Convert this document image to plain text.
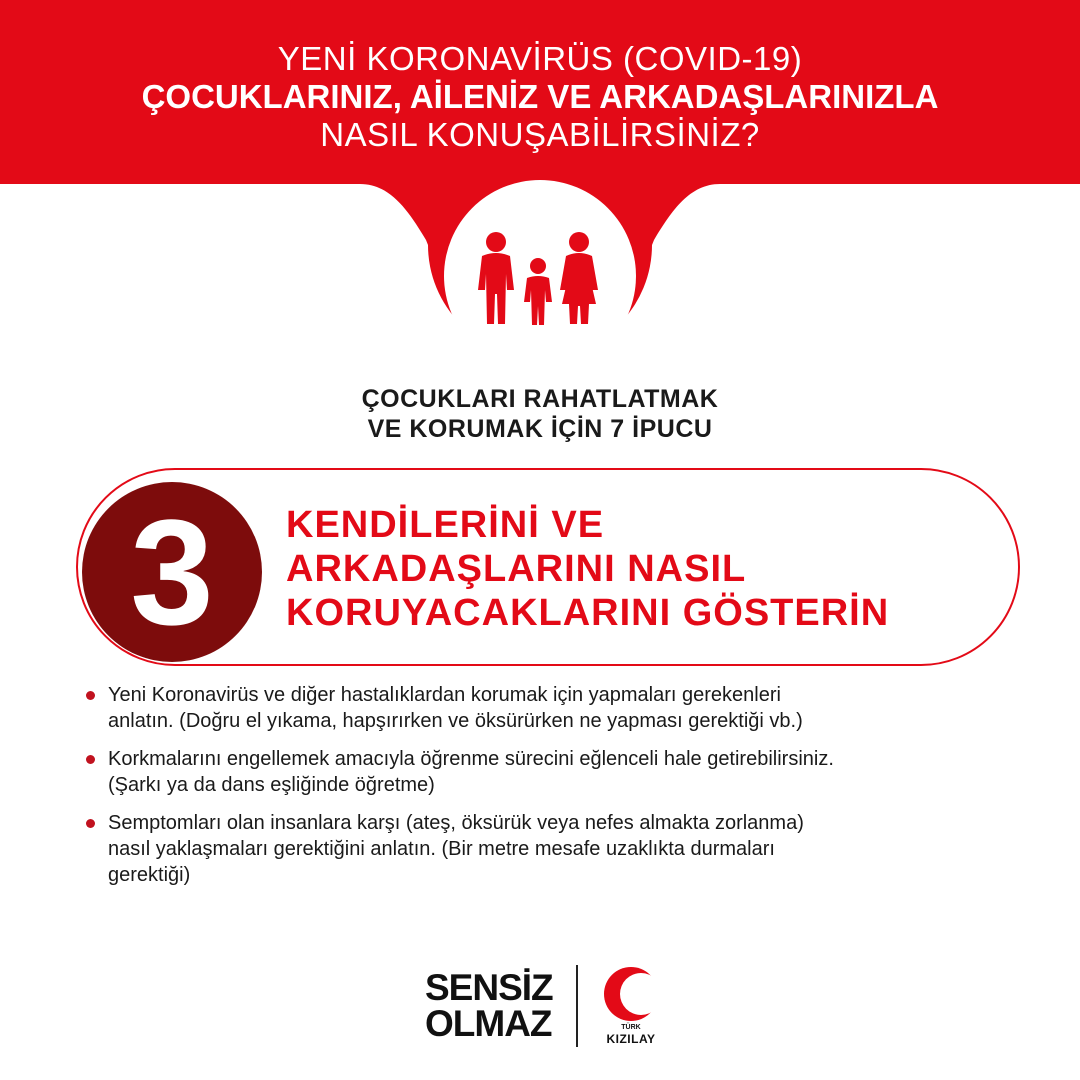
YENİ KORONAVİRÜS (COVID-19)
ÇOCUKLARINIZ, AİLENİZ VE ARKADAŞLARINIZLA
NASIL KONUŞABİLİRSİNİZ?
ÇOCUKLARI RAHATLATMAK
VE KORUMAK İÇİN 7 İPUCU
3	KENDİLERİNİ VE
ARKADAŞLARINI NASIL
KORUYACAKLARINI GÖSTERİN
Yeni Koronavirüs ve diğer hastalıklardan korumak için yapmaları gerekenleri
anlatın. (Doğru el yıkama, hapşırırken ve öksürürken ne yapması gerektiği vb.)
Korkmalarını engellemek amacıyla öğrenme sürecini eğlenceli hale getirebilirsiniz.
(Şarkı ya da dans eşliğinde öğretme)
Semptomları olan insanlara karşı (ateş, öksürük veya nefes almakta zorlanma)
nasıl yaklaşmaları gerektiğini anlatın. (Bir metre mesafe uzaklıkta durmaları
gerektiği)
SENSİZ
OLMAZ	TÜRK
KIZILAY
